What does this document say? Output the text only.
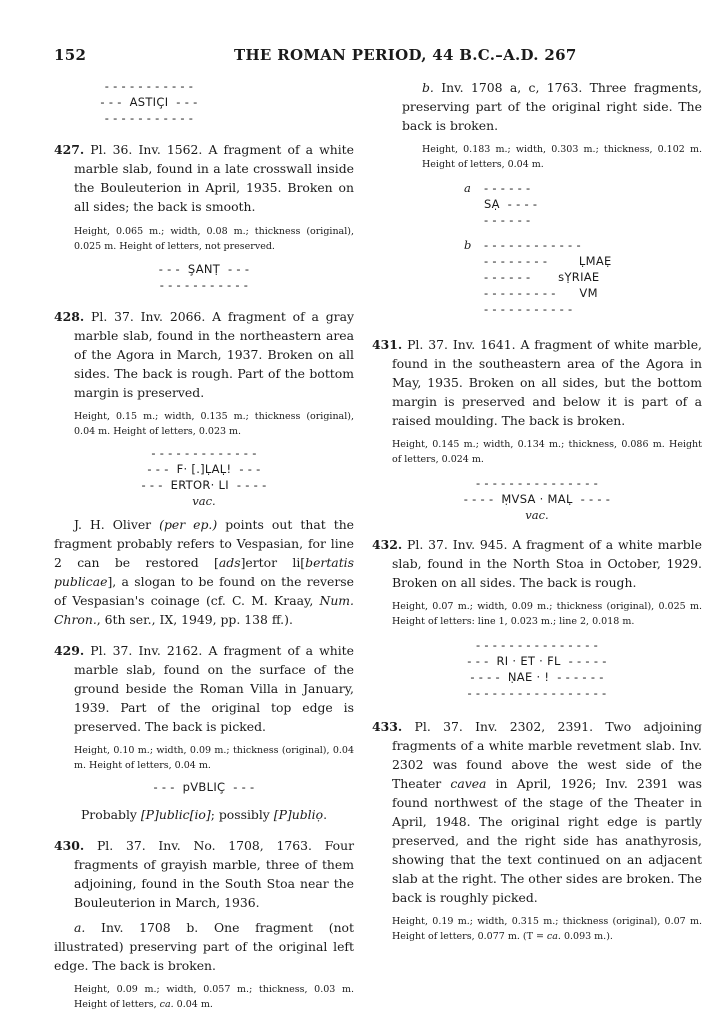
152	THE ROMAN PERIOD, 44 B.C.–A.D. 267
- - - - - - - - - - -
- - -  ASTIÇI  - - -
- - - - - - - - - - -

427. Pl. 36. Inv. 1562. A fragment of a white marble slab, found in a late crosswall inside the Bouleuterion in April, 1935. Broken on all sides; the back is smooth.

Height, 0.065 m.; width, 0.08 m.; thickness (original), 0.025 m. Height of letters, not preserved.

- - -  ŞANṬ  - - -
- - - - - - - - - - -

428. Pl. 37. Inv. 2066. A fragment of a gray marble slab, found in the northeastern area of the Agora in March, 1937. Broken on all sides. The back is rough. Part of the bottom margin is preserved.

Height, 0.15 m.; width, 0.135 m.; thickness (original), 0.04 m. Height of letters, 0.023 m.

- - - - - - - - - - - - -
- - -  F· [.]ḶAḶ!  - - -
- - -  ERTOR· LI  - - - -
vac.

J. H. Oliver (per ep.) points out that the fragment probably refers to Vespasian, for line 2 can be restored [ads]ertor li[bertatis publicae], a slogan to be found on the reverse of Vespasian's coinage (cf. C. M. Kraay, Num. Chron., 6th ser., IX, 1949, pp. 138 ff.).

429. Pl. 37. Inv. 2162. A fragment of a white marble slab, found on the surface of the ground beside the Roman Villa in January, 1939. Part of the original top edge is preserved. The back is picked.

Height, 0.10 m.; width, 0.09 m.; thickness (original), 0.04 m. Height of letters, 0.04 m.

- - -  pVBLIÇ  - - -

Probably [P]ublic[io]; possibly [P]ubliọ.

430. Pl. 37. Inv. No. 1708, 1763. Four fragments of grayish marble, three of them adjoining, found in the South Stoa near the Bouleuterion in March, 1936.

a. Inv. 1708 b. One fragment (not illustrated) preserving part of the original left edge. The back is broken.

Height, 0.09 m.; width, 0.057 m.; thickness, 0.03 m. Height of letters, ca. 0.04 m.

b. Inv. 1708 a, c, 1763. Three fragments, preserving part of the original right side. The back is broken.

Height, 0.183 m.; width, 0.303 m.; thickness, 0.102 m. Height of letters, 0.04 m.

a - - - - - -
SẠ  - - - -
- - - - - -
b - - - - - - - - - - - -
- - - - - - - -        ḶMAẸ
- - - - - -       sỴRIAE
- - - - - - - - -      VM
- - - - - - - - - - -

431. Pl. 37. Inv. 1641. A fragment of white marble, found in the southeastern area of the Agora in May, 1935. Broken on all sides, but the bottom margin is preserved and below it is part of a raised moulding. The back is broken.

Height, 0.145 m.; width, 0.134 m.; thickness, 0.086 m. Height of letters, 0.024 m.

- - - - - - - - - - - - - - -
- - - -  ṂVSA · MAḶ  - - - -
vac.

432. Pl. 37. Inv. 945. A fragment of a white marble slab, found in the North Stoa in October, 1929. Broken on all sides. The back is rough.

Height, 0.07 m.; width, 0.09 m.; thickness (original), 0.025 m. Height of letters: line 1, 0.023 m.; line 2, 0.018 m.

- - - - - - - - - - - - - - -
- - -  RI · ET · FL  - - - - -
- - - -  ṆAE · !  - - - - - -
- - - - - - - - - - - - - - - - -

433. Pl. 37. Inv. 2302, 2391. Two adjoining fragments of a white marble revetment slab. Inv. 2302 was found above the west side of the Theater cavea in April, 1926; Inv. 2391 was found northwest of the stage of the Theater in April, 1948. The original right edge is partly preserved, and the right side has anathyrosis, showing that the text continued on an adjacent slab at the right. The other sides are broken. The back is roughly picked.

Height, 0.19 m.; width, 0.315 m.; thickness (original), 0.07 m. Height of letters, 0.077 m. (T = ca. 0.093 m.).
